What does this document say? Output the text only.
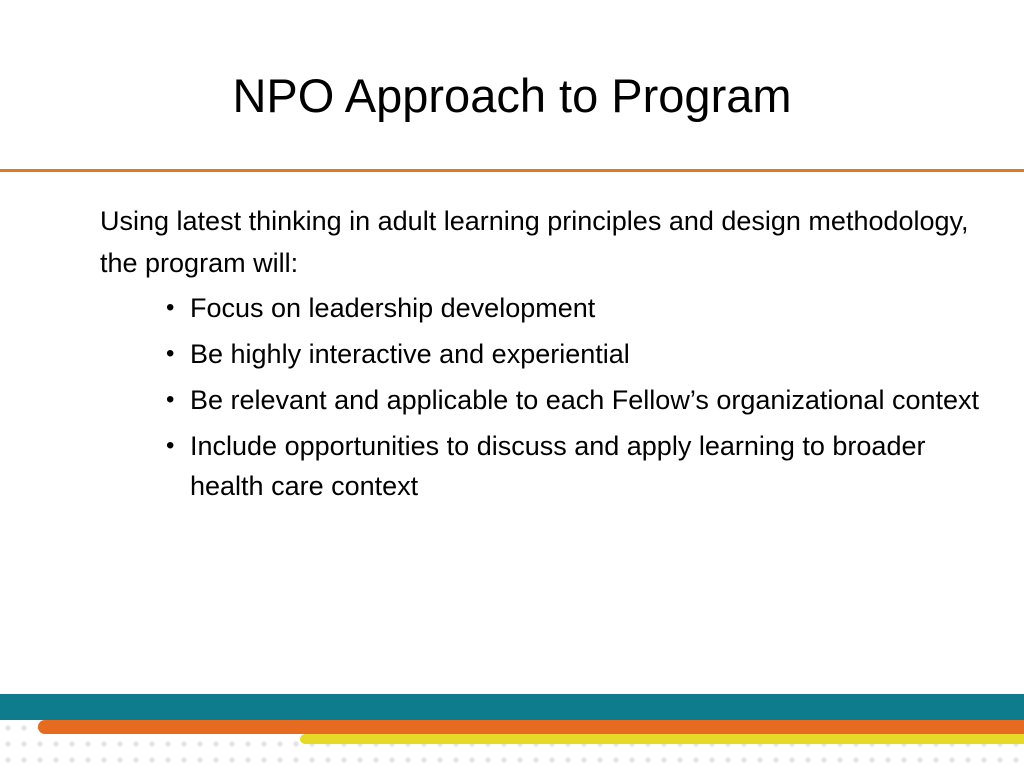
NPO Approach to Program

Using latest thinking in adult learning principles and design methodology, the program will:

• Focus on leadership development
• Be highly interactive and experiential
• Be relevant and applicable to each Fellow’s organizational context
• Include opportunities to discuss and apply learning to broader health care context
